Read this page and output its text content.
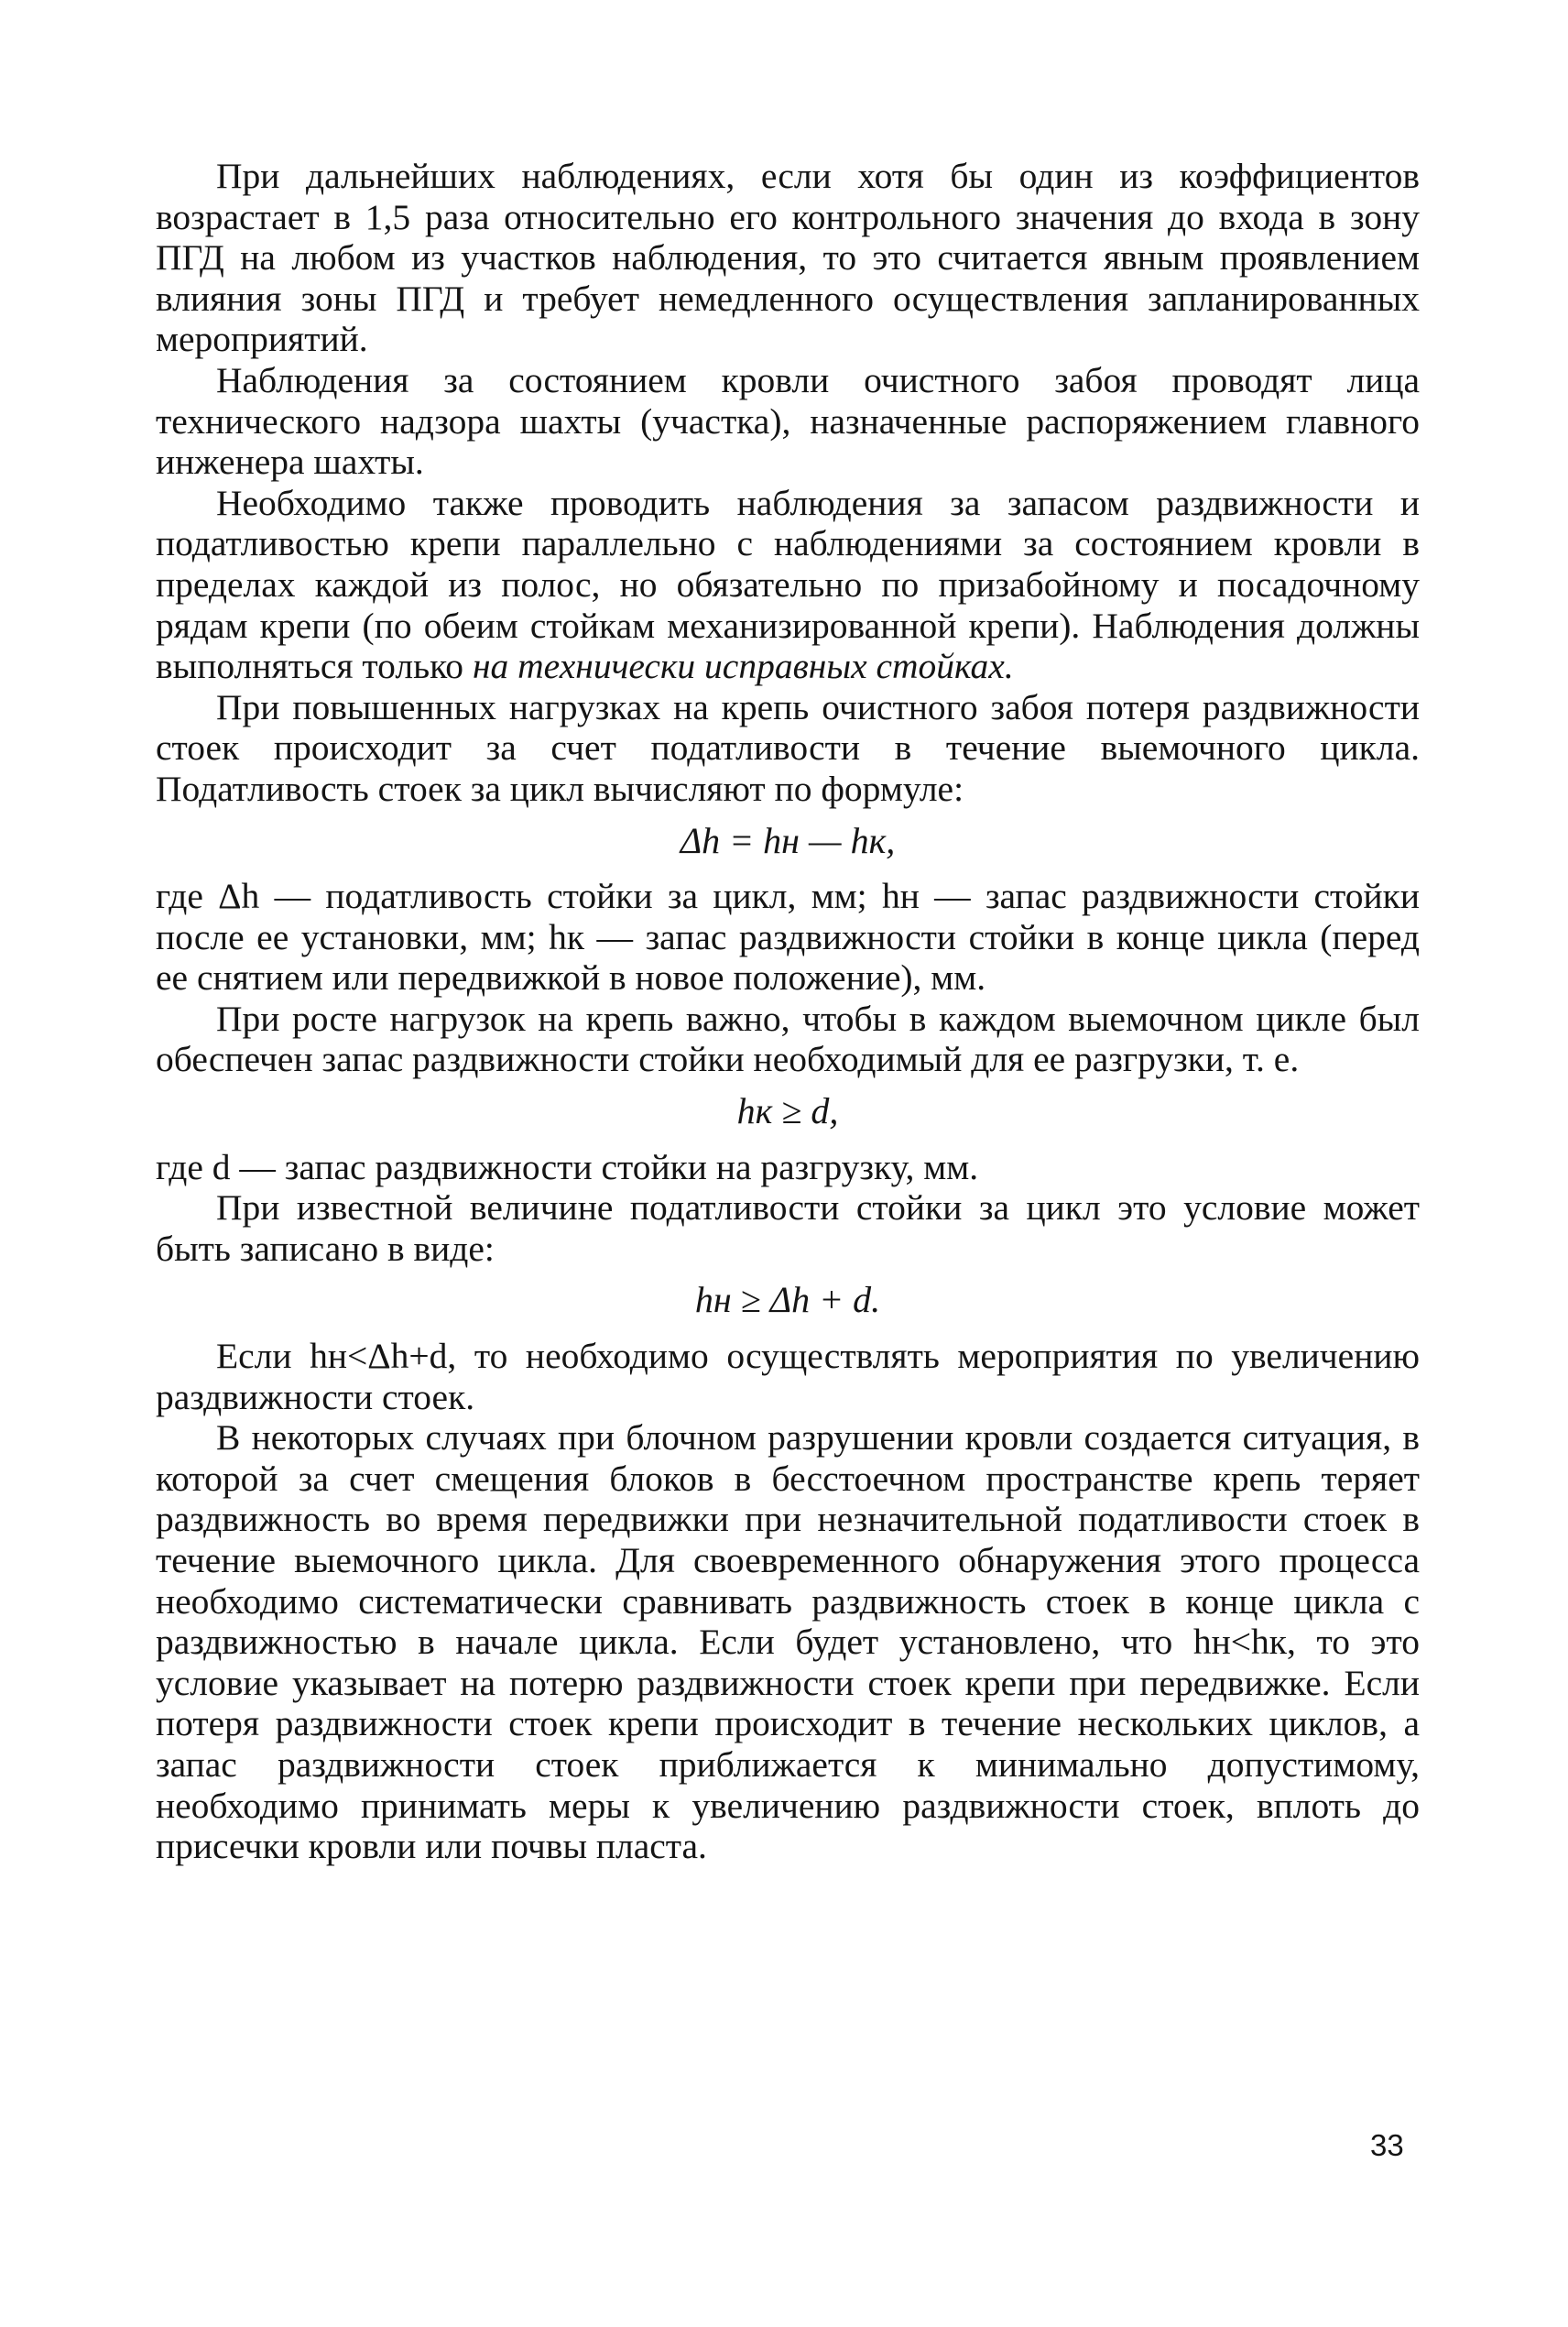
При дальнейших наблюдениях, если хотя бы один из коэффициентов возрастает в 1,5 раза относительно его контрольного значения до входа в зону ПГД на любом из участков наблюдения, то это считается явным проявлением влияния зоны ПГД и требует немедленного осуществления запланированных мероприятий.

Наблюдения за состоянием кровли очистного забоя проводят лица технического надзора шахты (участка), назначенные распоряжением главного инженера шахты.

Необходимо также проводить наблюдения за запасом раздвижности и податливостью крепи параллельно с наблюдениями за состоянием кровли в пределах каждой из полос, но обязательно по призабойному и посадочному рядам крепи (по обеим стойкам механизированной крепи). Наблюдения должны выполняться только на технически исправных стойках.

При повышенных нагрузках на крепь очистного забоя потеря раздвижности стоек происходит за счет податливости в течение выемочного цикла. Податливость стоек за цикл вычисляют по формуле:

Δh = hн — hк,

где Δh — податливость стойки за цикл, мм; hн — запас раздвижности стойки после ее установки, мм; hк — запас раздвижности стойки в конце цикла (перед ее снятием или передвижкой в новое положение), мм.

При росте нагрузок на крепь важно, чтобы в каждом выемочном цикле был обеспечен запас раздвижности стойки необходимый для ее разгрузки, т. е.

hк ≥ d,

где d — запас раздвижности стойки на разгрузку, мм.

При известной величине податливости стойки за цикл это условие может быть записано в виде:

hн ≥ Δh + d.

Если hн<Δh+d, то необходимо осуществлять мероприятия по увеличению раздвижности стоек.

В некоторых случаях при блочном разрушении кровли создается ситуация, в которой за счет смещения блоков в бесстоечном пространстве крепь теряет раздвижность во время передвижки при незначительной податливости стоек в течение выемочного цикла. Для своевременного обнаружения этого процесса необходимо систематически сравнивать раздвижность стоек в конце цикла с раздвижностью в начале цикла. Если будет установлено, что hн<hк, то это условие указывает на потерю раздвижности стоек крепи при передвижке. Если потеря раздвижности стоек крепи происходит в течение нескольких циклов, а запас раздвижности стоек приближается к минимально допустимому, необходимо принимать меры к увеличению раздвижности стоек, вплоть до присечки кровли или почвы пласта.

33
